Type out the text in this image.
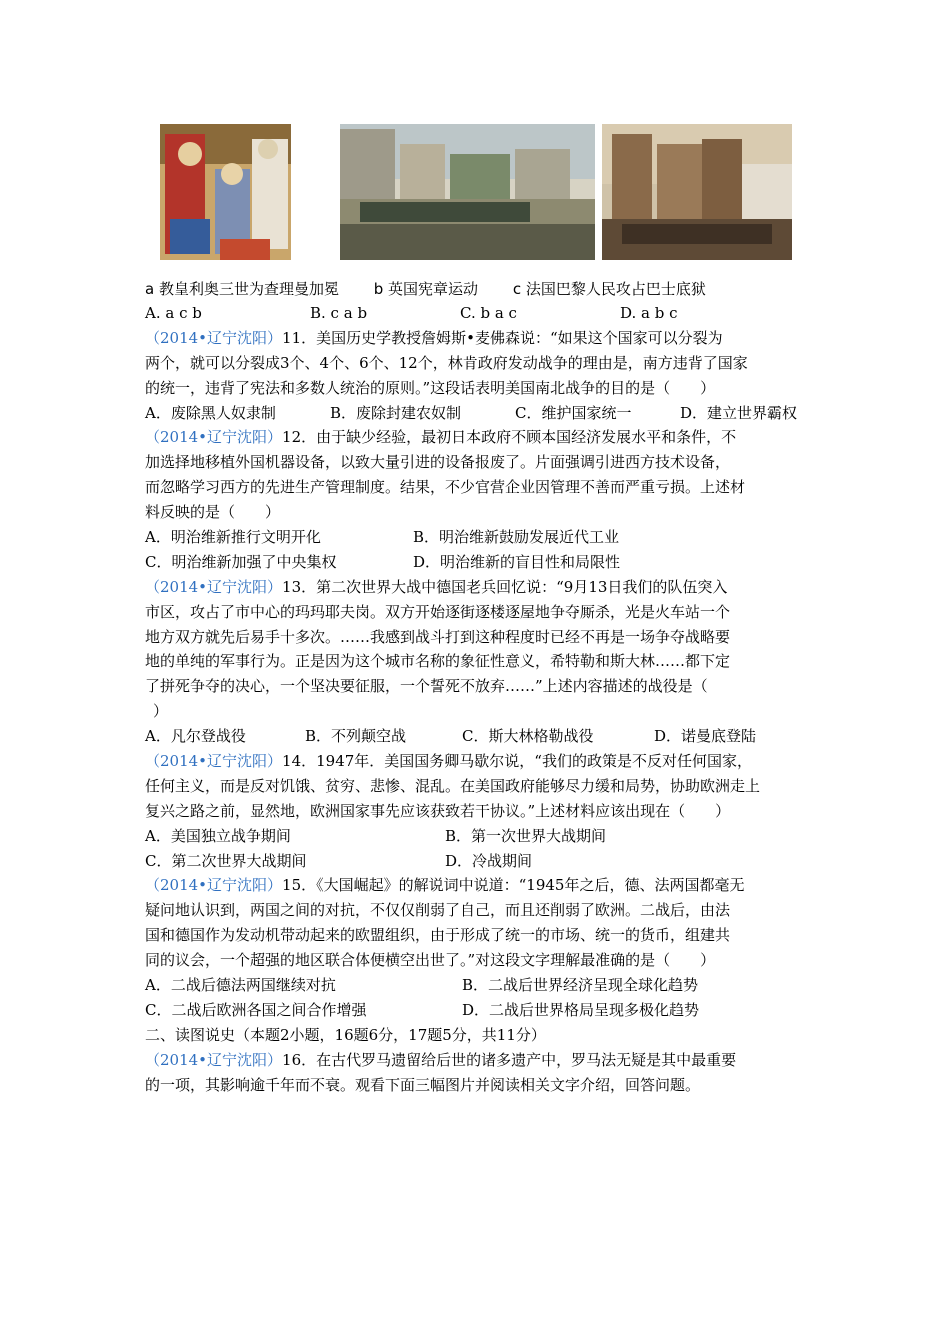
a 教皇利奥三世为查理曼加冕 b 英国宪章运动 c 法国巴黎人民攻占巴士底狱
A. a c b	B. c a b	C. b a c	D. a b c
（2014•辽宁沈阳）11．美国历史学教授詹姆斯•麦佛森说：“如果这个国家可以分裂为
两个，就可以分裂成3个、4个、6个、12个，林肯政府发动战争的理由是，南方违背了国家
的统一，违背了宪法和多数人统治的原则。”这段话表明美国南北战争的目的是（　　）
A．废除黑人奴隶制	B．废除封建农奴制	C．维护国家统一	D．建立世界霸权
（2014•辽宁沈阳）12．由于缺少经验，最初日本政府不顾本国经济发展水平和条件，不
加选择地移植外国机器设备，以致大量引进的设备报废了。片面强调引进西方技术设备，
而忽略学习西方的先进生产管理制度。结果，不少官营企业因管理不善而严重亏损。上述材
料反映的是（　　）
A．明治维新推行文明开化	B．明治维新鼓励发展近代工业
C．明治维新加强了中央集权	D．明治维新的盲目性和局限性
（2014•辽宁沈阳）13．第二次世界大战中德国老兵回忆说：“9月13日我们的队伍突入
市区，攻占了市中心的玛玛耶夫岗。双方开始逐街逐楼逐屋地争夺厮杀，光是火车站一个
地方双方就先后易手十多次。……我感到战斗打到这种程度时已经不再是一场争夺战略要
地的单纯的军事行为。正是因为这个城市名称的象征性意义，希特勒和斯大林……都下定
了拼死争夺的决心，一个坚决要征服，一个誓死不放弃……”上述内容描述的战役是（
）
A．凡尔登战役	B．不列颠空战	C．斯大林格勒战役	D．诺曼底登陆
（2014•辽宁沈阳）14．1947年．美国国务卿马歇尔说，“我们的政策是不反对任何国家，
任何主义，而是反对饥饿、贫穷、悲惨、混乱。在美国政府能够尽力缓和局势，协助欧洲走上
复兴之路之前，显然地，欧洲国家事先应该获致若干协议。”上述材料应该出现在（　　）
A．美国独立战争期间	B．第一次世界大战期间
C．第二次世界大战期间	D．冷战期间
（2014•辽宁沈阳）15．《大国崛起》的解说词中说道：“1945年之后，德、法两国都毫无
疑问地认识到，两国之间的对抗，不仅仅削弱了自己，而且还削弱了欧洲。二战后，由法
国和德国作为发动机带动起来的欧盟组织，由于形成了统一的市场、统一的货币，组建共
同的议会，一个超强的地区联合体便横空出世了。”对这段文字理解最准确的是（　　）
A．二战后德法两国继续对抗	B．二战后世界经济呈现全球化趋势
C．二战后欧洲各国之间合作增强	D．二战后世界格局呈现多极化趋势
二、读图说史（本题2小题，16题6分，17题5分，共11分）
（2014•辽宁沈阳）16．在古代罗马遗留给后世的诸多遗产中，罗马法无疑是其中最重要
的一项，其影响逾千年而不衰。观看下面三幅图片并阅读相关文字介绍，回答问题。
